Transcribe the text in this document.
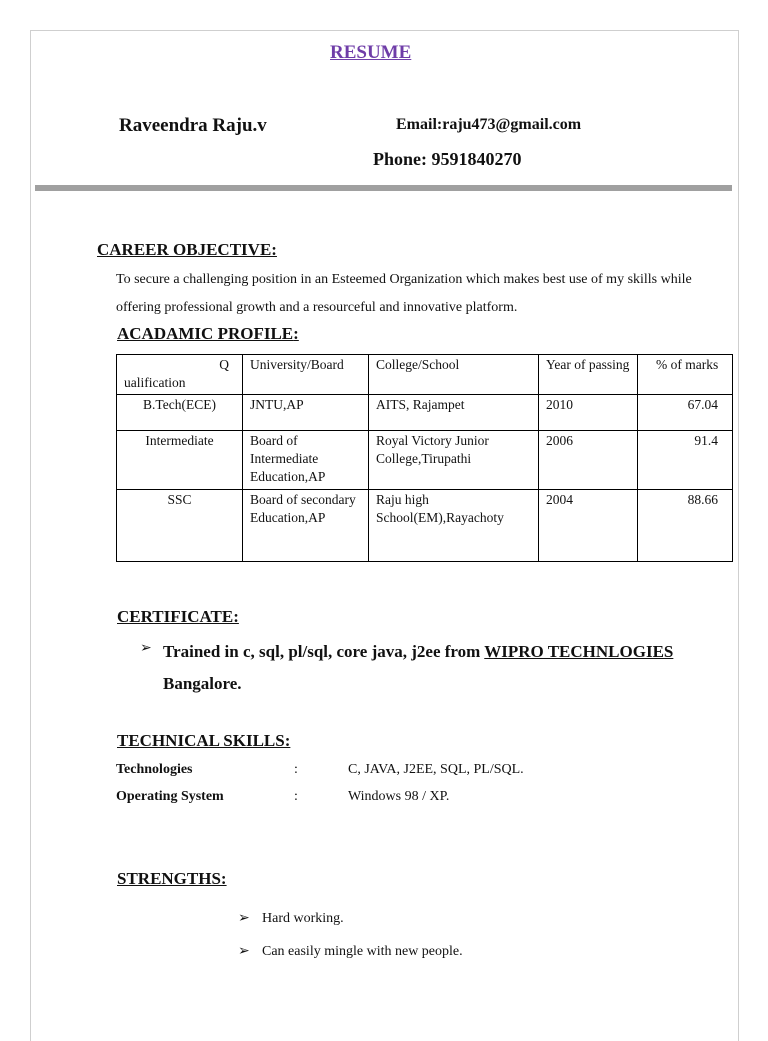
RESUME
Raveendra Raju.v	Email:raju473@gmail.com
Phone: 9591840270
CAREER OBJECTIVE:
To secure a challenging position in an Esteemed Organization which makes best use of my skills while offering professional growth and a resourceful and innovative platform.
ACADAMIC PROFILE:
Q
ualification	University/Board	College/School	Year of passing	% of marks
B.Tech(ECE)	JNTU,AP	AITS, Rajampet	2010	67.04
Intermediate	Board of Intermediate Education,AP	Royal Victory Junior College,Tirupathi	2006	91.4
SSC	Board of secondary Education,AP	Raju high School(EM),Rayachoty	2004	88.66
CERTIFICATE:
➢ Trained in c, sql, pl/sql, core java, j2ee from WIPRO TECHNLOGIES
Bangalore.
TECHNICAL SKILLS:
Technologies	:	C, JAVA, J2EE, SQL, PL/SQL.
Operating System	:	Windows 98 / XP.
STRENGTHS:
➢ Hard working.
➢ Can easily mingle with new people.
